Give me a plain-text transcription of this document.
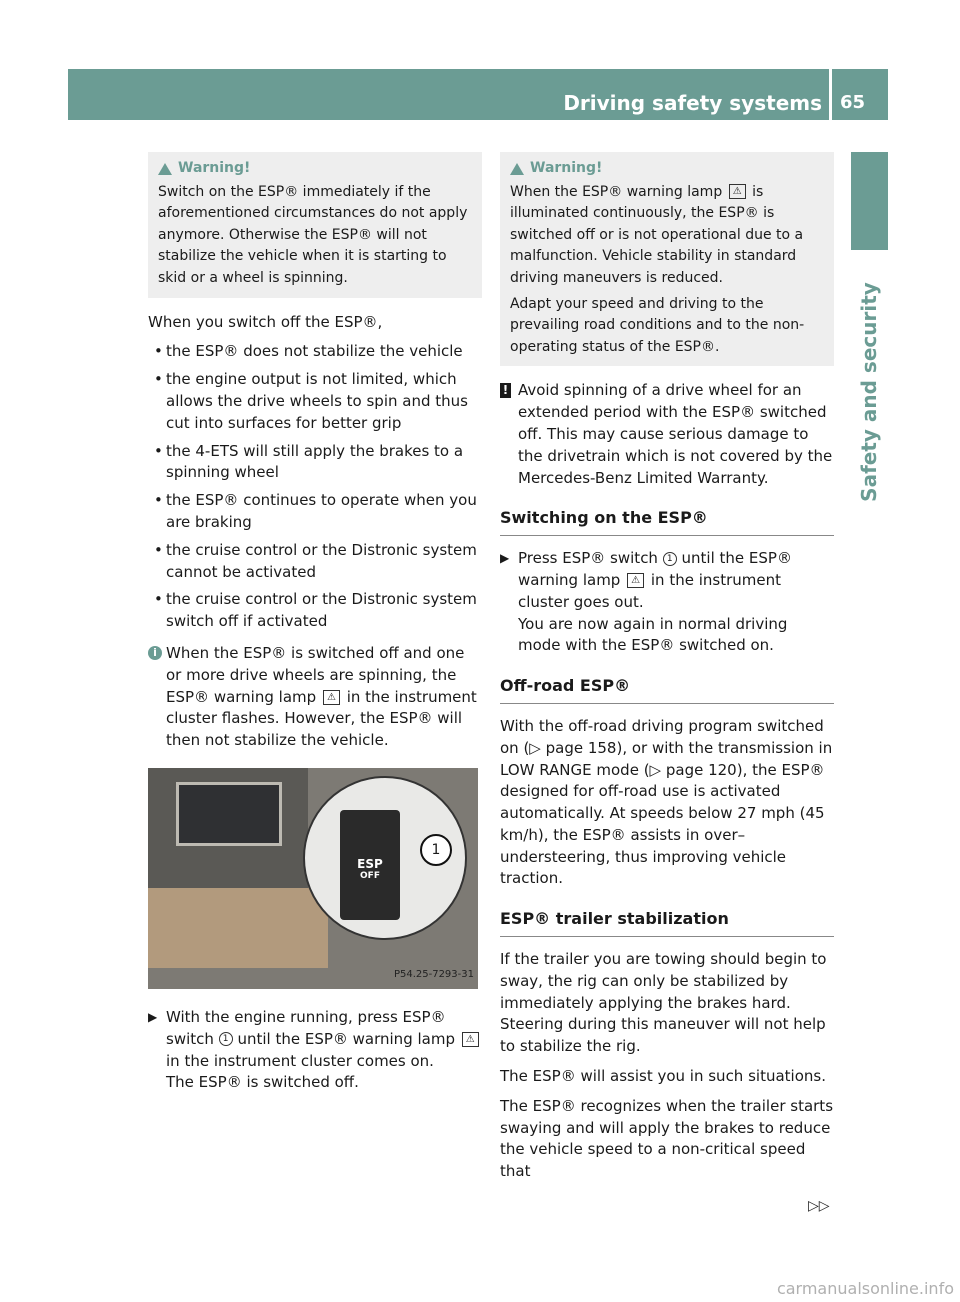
Driving safety systems 65
Safety and security
Warning!
Switch on the ESP® immediately if the aforementioned circumstances do not apply anymore. Otherwise the ESP® will not stabilize the vehicle when it is starting to skid or a wheel is spinning.

When you switch off the ESP®,

• the ESP® does not stabilize the vehicle
• the engine output is not limited, which allows the drive wheels to spin and thus cut into surfaces for better grip
• the 4-ETS will still apply the brakes to a spinning wheel
• the ESP® continues to operate when you are braking
• the cruise control or the Distronic system cannot be activated
• the cruise control or the Distronic system switch off if activated
i When the ESP® is switched off and one or more drive wheels are spinning, the ESP® warning lamp ⚠ in the instrument cluster flashes. However, the ESP® will then not stabilize the vehicle.
ESP
OFF
1
P54.25-7293-31
▶ With the engine running, press ESP® switch 1 until the ESP® warning lamp ⚠ in the instrument cluster comes on.
The ESP® is switched off.
Warning!
When the ESP® warning lamp ⚠ is illuminated continuously, the ESP® is switched off or is not operational due to a malfunction. Vehicle stability in standard driving maneuvers is reduced.
Adapt your speed and driving to the prevailing road conditions and to the non-operating status of the ESP®.
! Avoid spinning of a drive wheel for an extended period with the ESP® switched off. This may cause serious damage to the drivetrain which is not covered by the Mercedes-Benz Limited Warranty.
Switching on the ESP®
▶ Press ESP® switch 1 until the ESP® warning lamp ⚠ in the instrument cluster goes out.
You are now again in normal driving mode with the ESP® switched on.
Off-road ESP®

With the off-road driving program switched on (▷ page 158), or with the transmission in LOW RANGE mode (▷ page 120), the ESP® designed for off-road use is activated automatically. At speeds below 27 mph (45 km/h), the ESP® assists in over– understeering, thus improving vehicle traction.

ESP® trailer stabilization

If the trailer you are towing should begin to sway, the rig can only be stabilized by immediately applying the brakes hard. Steering during this maneuver will not help to stabilize the rig.

The ESP® will assist you in such situations.

The ESP® recognizes when the trailer starts swaying and will apply the brakes to reduce the vehicle speed to a non-critical speed that

▷▷
carmanualsonline.info
